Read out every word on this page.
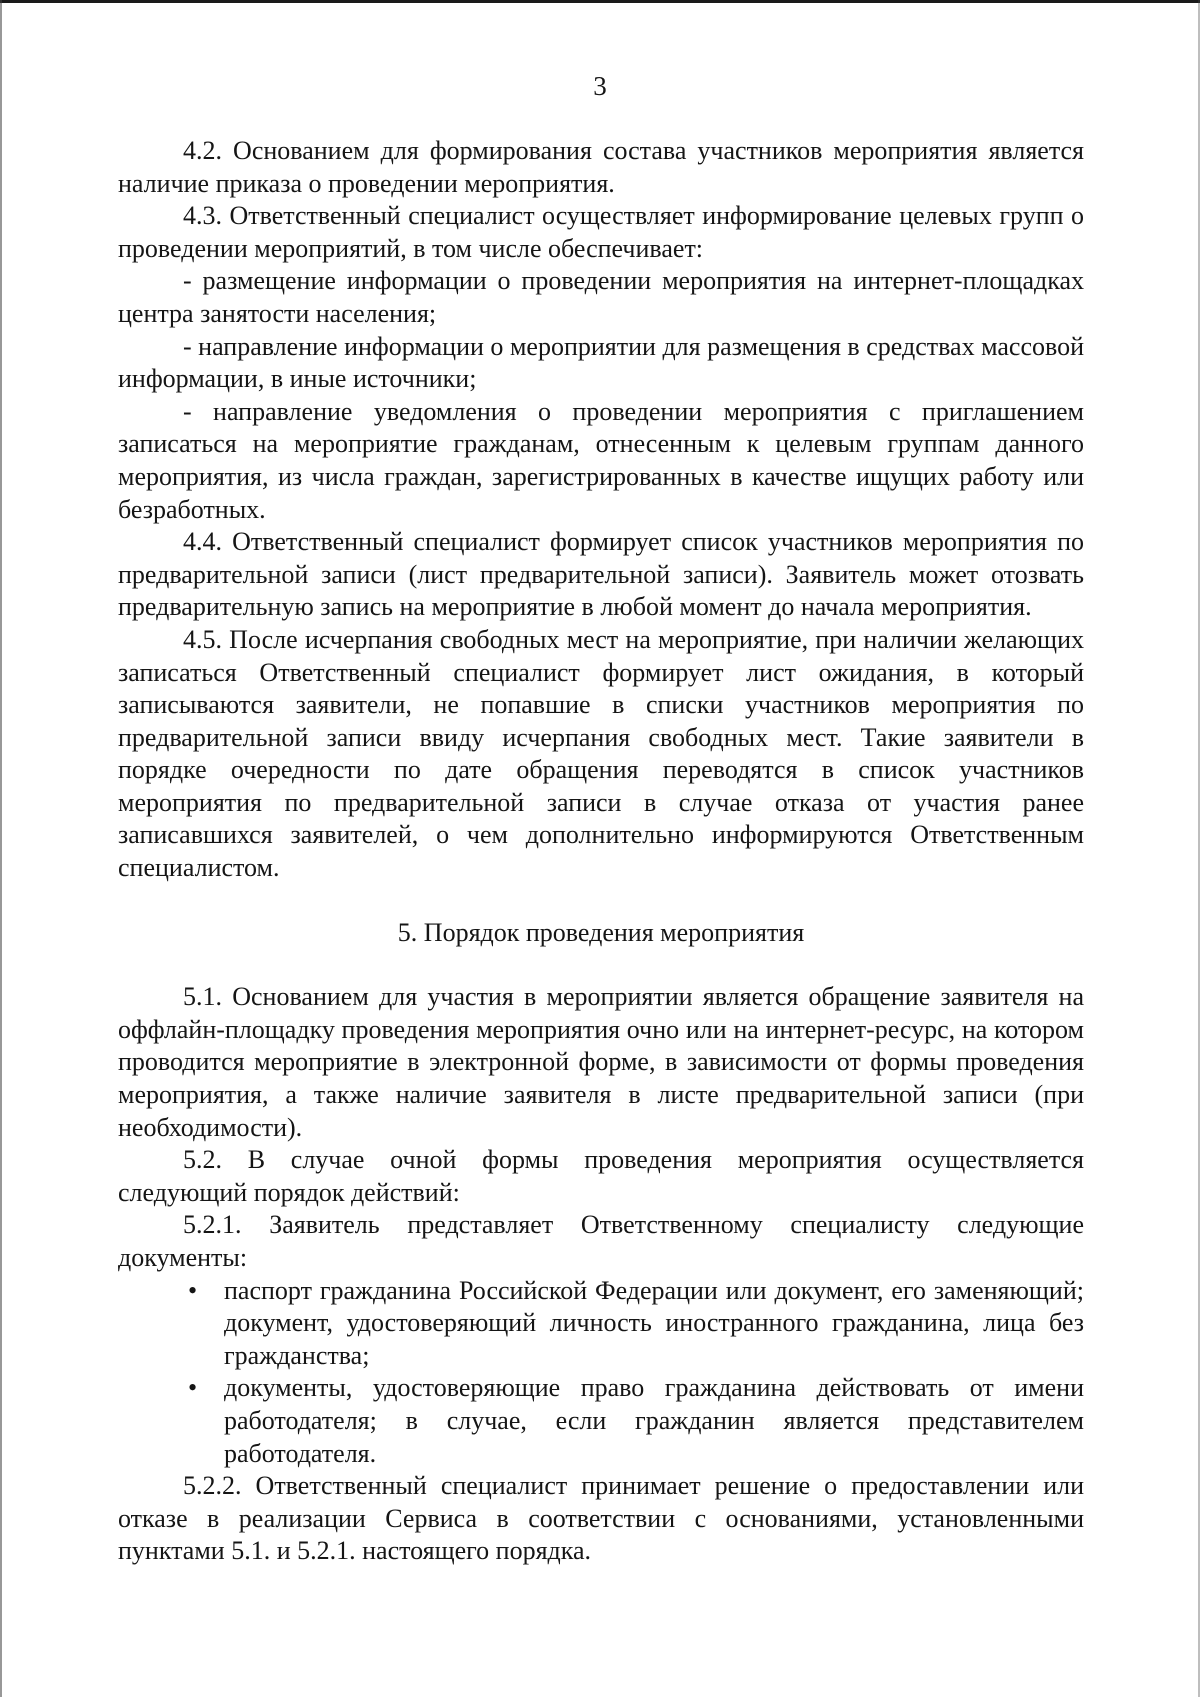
3

4.2. Основанием для формирования состава участников мероприятия является наличие приказа о проведении мероприятия.

4.3. Ответственный специалист осуществляет информирование целевых групп о проведении мероприятий, в том числе обеспечивает:

- размещение информации о проведении мероприятия на интернет-площадках центра занятости населения;

- направление информации о мероприятии для размещения в средствах массовой информации, в иные источники;

- направление уведомления о проведении мероприятия с приглашением записаться на мероприятие гражданам, отнесенным к целевым группам данного мероприятия, из числа граждан, зарегистрированных в качестве ищущих работу или безработных.

4.4. Ответственный специалист формирует список участников мероприятия по предварительной записи (лист предварительной записи). Заявитель может отозвать предварительную запись на мероприятие в любой момент до начала мероприятия.

4.5. После исчерпания свободных мест на мероприятие, при наличии желающих записаться Ответственный специалист формирует лист ожидания, в который записываются заявители, не попавшие в списки участников мероприятия по предварительной записи ввиду исчерпания свободных мест. Такие заявители в порядке очередности по дате обращения переводятся в список участников мероприятия по предварительной записи в случае отказа от участия ранее записавшихся заявителей, о чем дополнительно информируются Ответственным специалистом.

5. Порядок проведения мероприятия

5.1. Основанием для участия в мероприятии является обращение заявителя на оффлайн-площадку проведения мероприятия очно или на интернет-ресурс, на котором проводится мероприятие в электронной форме, в зависимости от формы проведения мероприятия, а также наличие заявителя в листе предварительной записи (при необходимости).

5.2. В случае очной формы проведения мероприятия осуществляется следующий порядок действий:

5.2.1. Заявитель представляет Ответственному специалисту следующие документы:

• паспорт гражданина Российской Федерации или документ, его заменяющий; документ, удостоверяющий личность иностранного гражданина, лица без гражданства;
• документы, удостоверяющие право гражданина действовать от имени работодателя; в случае, если гражданин является представителем работодателя.

5.2.2. Ответственный специалист принимает решение о предоставлении или отказе в реализации Сервиса в соответствии с основаниями, установленными пунктами 5.1. и 5.2.1. настоящего порядка.
